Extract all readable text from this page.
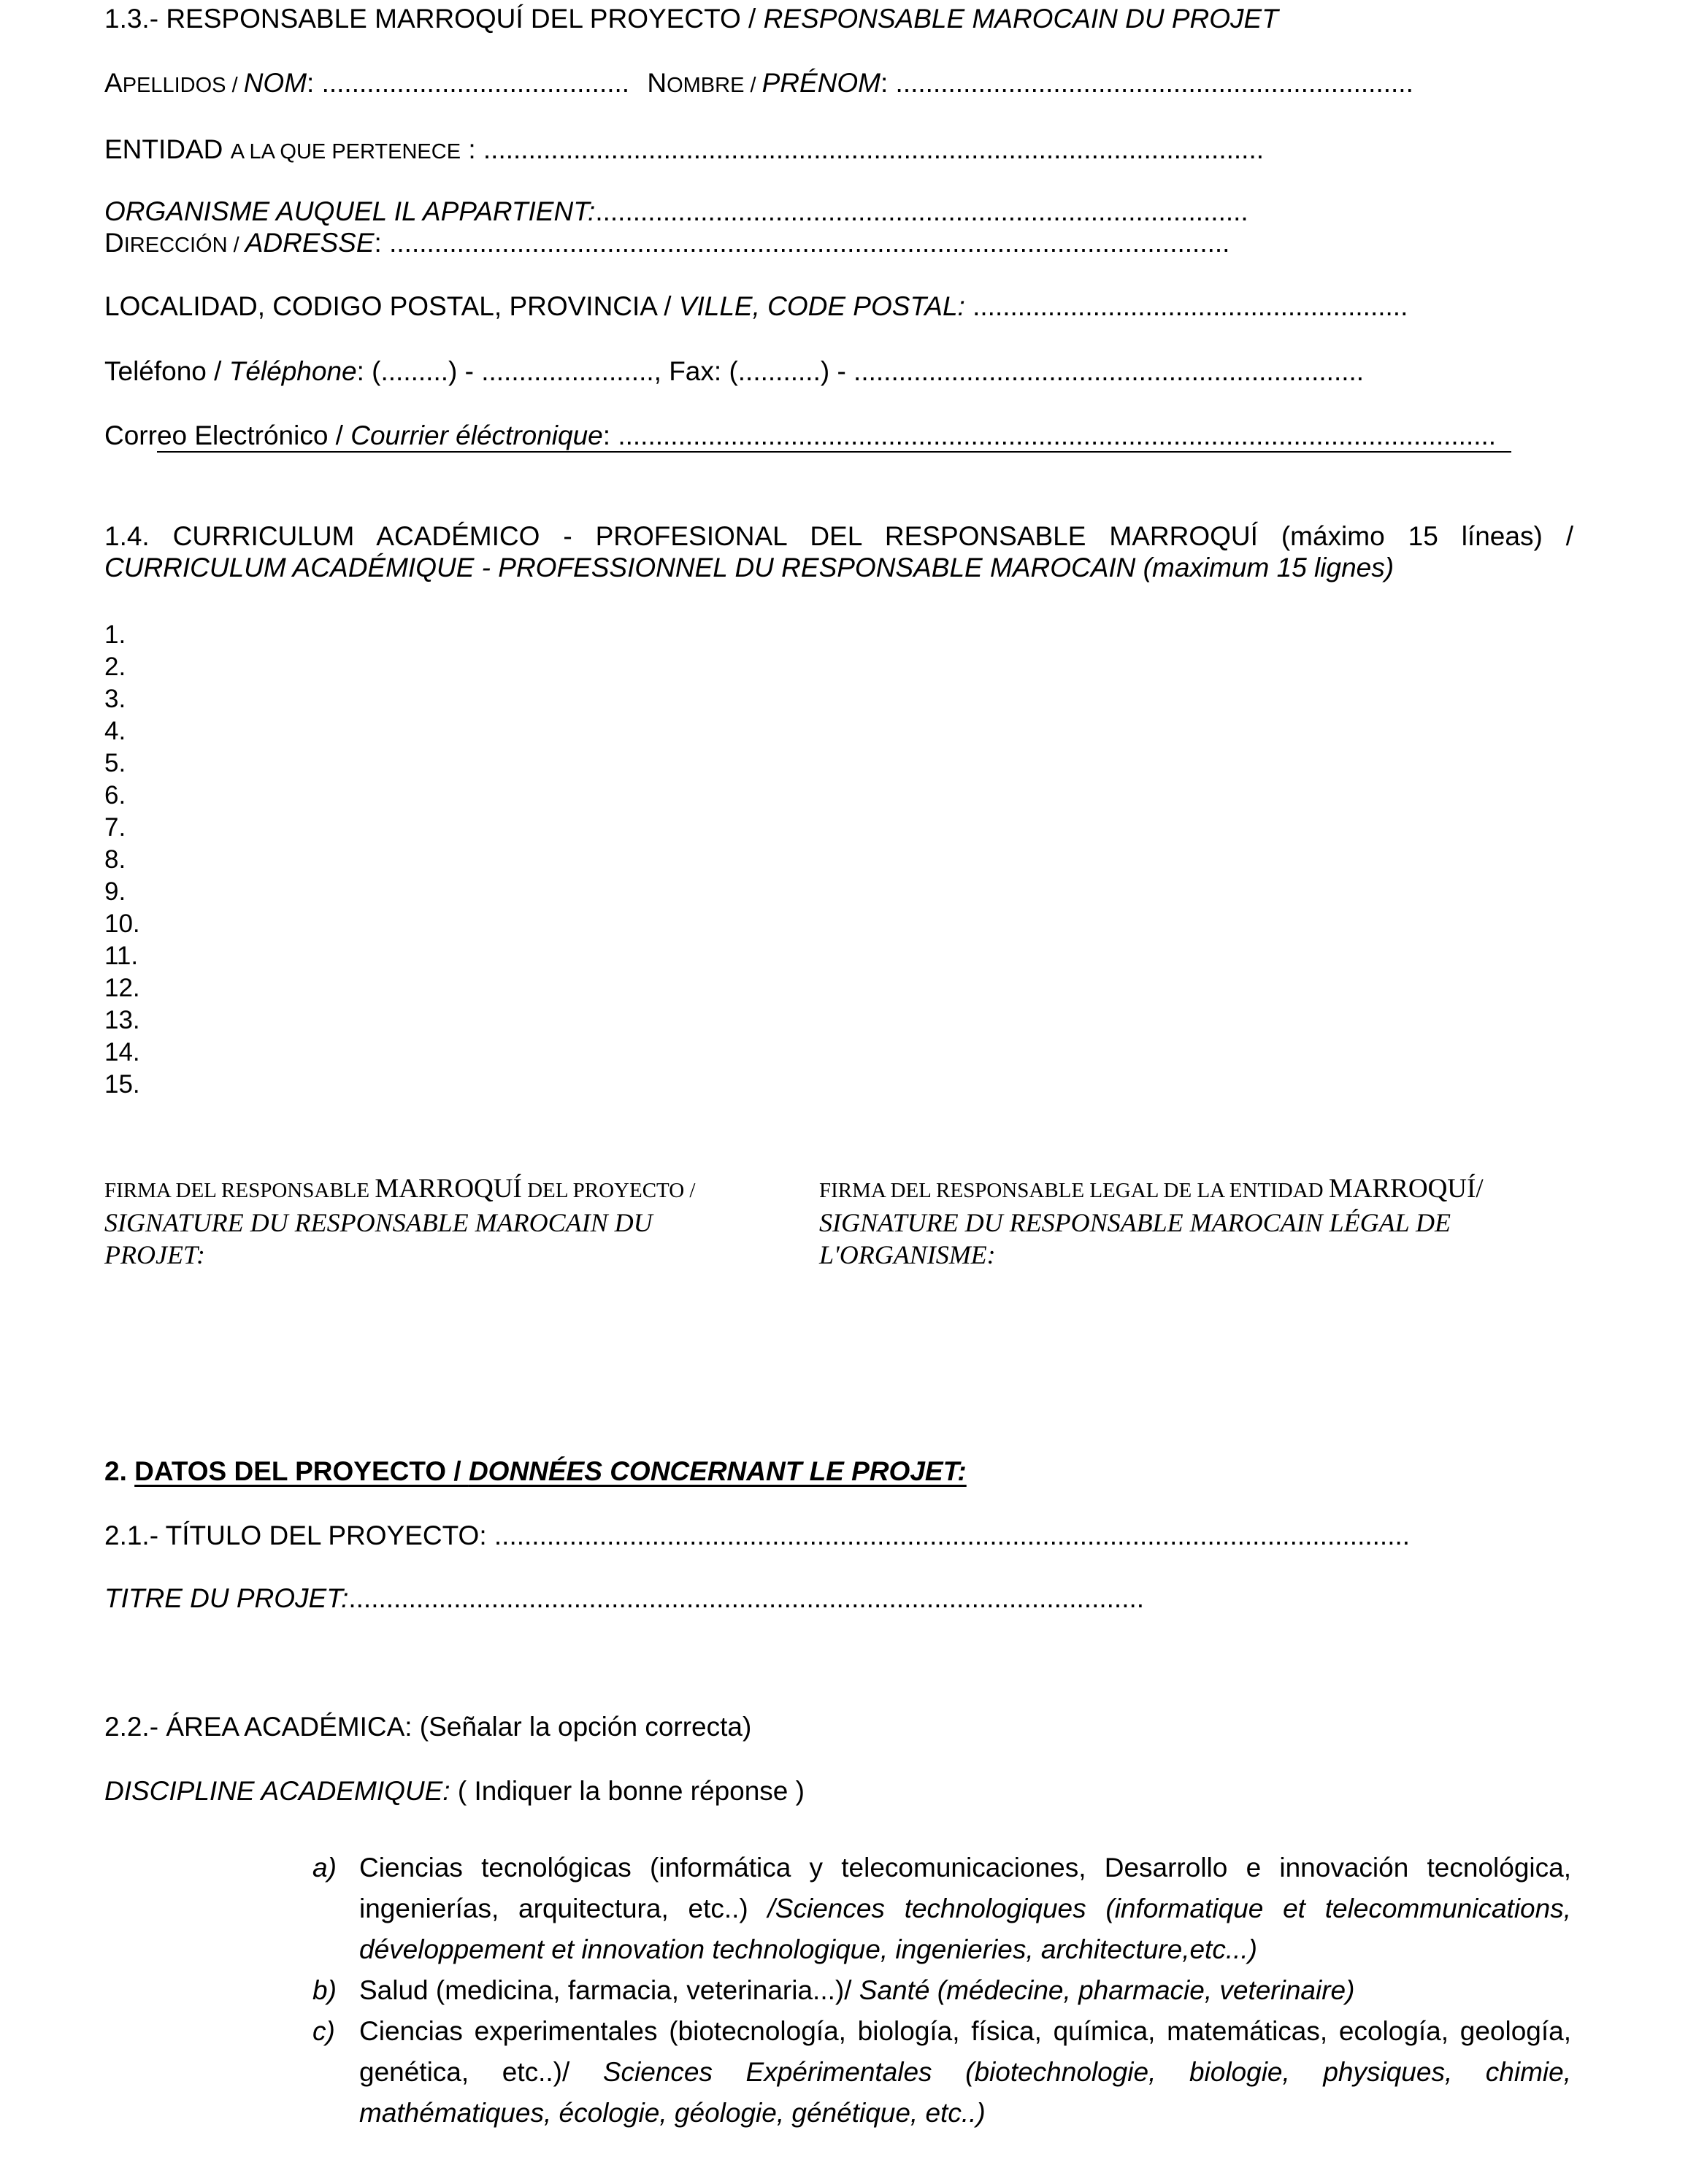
1.3.- RESPONSABLE MARROQUÍ DEL PROYECTO / RESPONSABLE MAROCAIN DU PROJET
APELLIDOS / NOM: ......................................... NOMBRE / PRÉNOM: .....................................................................
ENTIDAD A LA QUE PERTENECE : ........................................................................................................
ORGANISME AUQUEL IL APPARTIENT:.......................................................................................
DIRECCIÓN / ADRESSE: ................................................................................................................
LOCALIDAD, CODIGO POSTAL, PROVINCIA / VILLE, CODE POSTAL: ..........................................................
Teléfono / Téléphone: (.........) - ......................., Fax: (...........) - ....................................................................
Correo Electrónico / Courrier éléctronique: .....................................................................................................................
1.4. CURRICULUM ACADÉMICO - PROFESIONAL DEL RESPONSABLE MARROQUÍ (máximo 15 líneas) /
CURRICULUM ACADÉMIQUE - PROFESSIONNEL DU RESPONSABLE MAROCAIN (maximum 15 lignes)
1.
2.
3.
4.
5.
6.
7.
8.
9.
10.
11.
12.
13.
14.
15.
FIRMA DEL RESPONSABLE MARROQUÍ DEL PROYECTO /
SIGNATURE DU RESPONSABLE MAROCAIN DU
PROJET:
FIRMA DEL RESPONSABLE LEGAL DE LA ENTIDAD MARROQUÍ/
SIGNATURE DU RESPONSABLE MAROCAIN LÉGAL DE
L'ORGANISME:
2. DATOS DEL PROYECTO / DONNÉES CONCERNANT LE PROJET:
2.1.- TÍTULO DEL PROYECTO: ..........................................................................................................................
TITRE DU PROJET:..........................................................................................................
2.2.- ÁREA ACADÉMICA: (Señalar la opción correcta)
DISCIPLINE ACADEMIQUE: ( Indiquer la bonne réponse )
a) Ciencias tecnológicas (informática y telecomunicaciones, Desarrollo e innovación tecnológica, ingenierías, arquitectura, etc..) /Sciences technologiques (informatique et telecommunications, développement et innovation technologique, ingenieries, architecture,etc...)
b) Salud (medicina, farmacia, veterinaria...)/ Santé (médecine, pharmacie, veterinaire)
c) Ciencias experimentales (biotecnología, biología, física, química, matemáticas, ecología, geología, genética, etc..)/ Sciences Expérimentales (biotechnologie, biologie, physiques, chimie, mathématiques, écologie, géologie, génétique, etc..)
